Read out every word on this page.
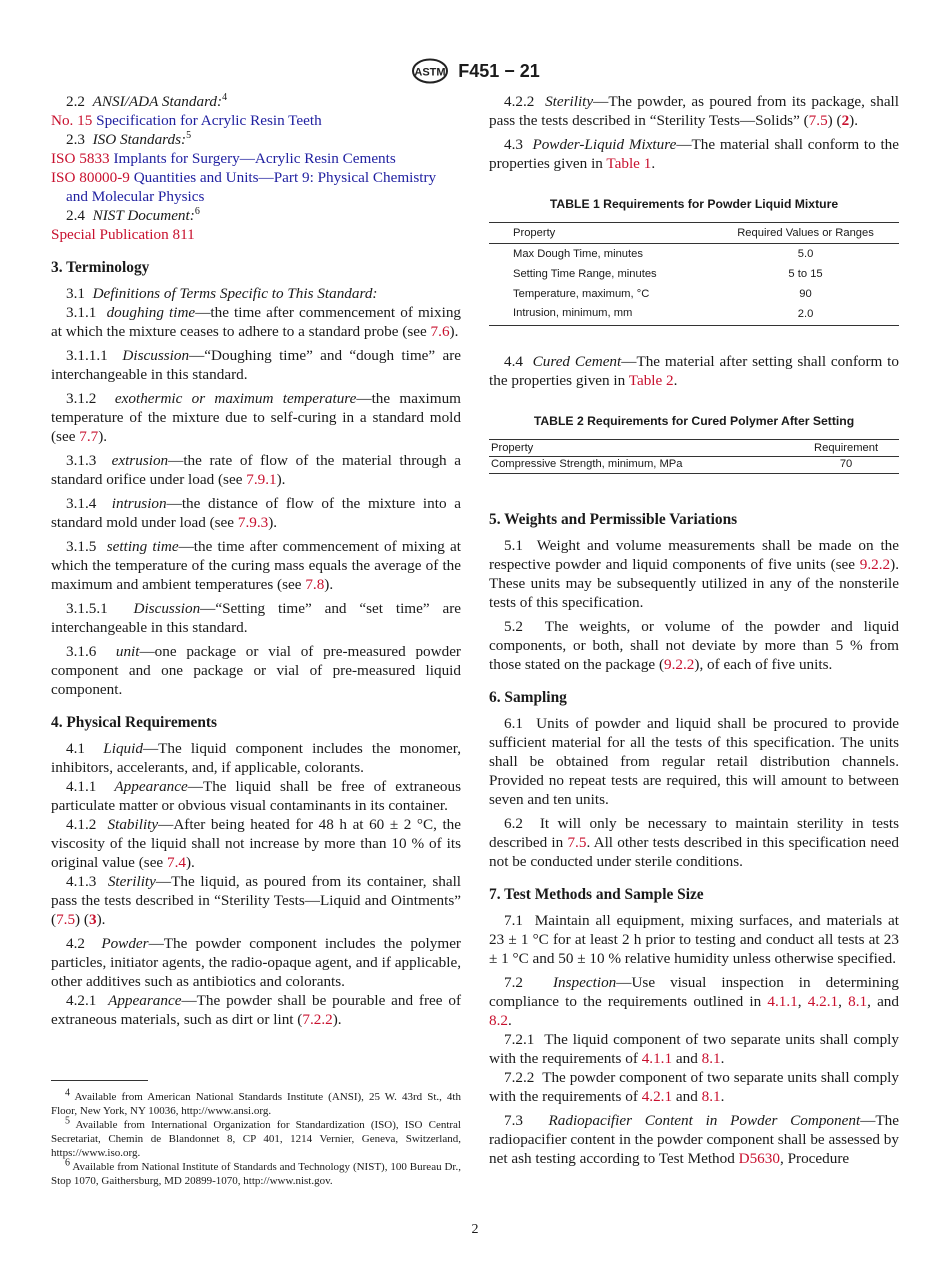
ASTM F451 − 21

2.2 ANSI/ADA Standard:$^4$

No. 15 Specification for Acrylic Resin Teeth

2.3 ISO Standards:$^5$

ISO 5833 Implants for Surgery—Acrylic Resin Cements

ISO 80000-9 Quantities and Units—Part 9: Physical Chemistry and Molecular Physics

2.4 NIST Document:$^6$

Special Publication 811

3. Terminology

3.1 Definitions of Terms Specific to This Standard:

3.1.1 doughing time—the time after commencement of mixing at which the mixture ceases to adhere to a standard probe (see 7.6).

3.1.1.1 Discussion—“Doughing time” and “dough time” are interchangeable in this standard.

3.1.2 exothermic or maximum temperature—the maximum temperature of the mixture due to self-curing in a standard mold (see 7.7).

3.1.3 extrusion—the rate of flow of the material through a standard orifice under load (see 7.9.1).

3.1.4 intrusion—the distance of flow of the mixture into a standard mold under load (see 7.9.3).

3.1.5 setting time—the time after commencement of mixing at which the temperature of the curing mass equals the average of the maximum and ambient temperatures (see 7.8).

3.1.5.1 Discussion—“Setting time” and “set time” are interchangeable in this standard.

3.1.6 unit—one package or vial of pre-measured powder component and one package or vial of pre-measured liquid component.

4. Physical Requirements

4.1 Liquid—The liquid component includes the monomer, inhibitors, accelerants, and, if applicable, colorants.

4.1.1 Appearance—The liquid shall be free of extraneous particulate matter or obvious visual contaminants in its container.

4.1.2 Stability—After being heated for 48 h at 60 ± 2 °C, the viscosity of the liquid shall not increase by more than 10 % of its original value (see 7.4).

4.1.3 Sterility—The liquid, as poured from its container, shall pass the tests described in “Sterility Tests—Liquid and Ointments” (7.5) (3).

4.2 Powder—The powder component includes the polymer particles, initiator agents, the radio-opaque agent, and if applicable, other additives such as antibiotics and colorants.

4.2.1 Appearance—The powder shall be pourable and free of extraneous materials, such as dirt or lint (7.2.2).

$^4$ Available from American National Standards Institute (ANSI), 25 W. 43rd St., 4th Floor, New York, NY 10036, http://www.ansi.org.

$^5$ Available from International Organization for Standardization (ISO), ISO Central Secretariat, Chemin de Blandonnet 8, CP 401, 1214 Vernier, Geneva, Switzerland, https://www.iso.org.

$^6$ Available from National Institute of Standards and Technology (NIST), 100 Bureau Dr., Stop 1070, Gaithersburg, MD 20899-1070, http://www.nist.gov.

4.2.2 Sterility—The powder, as poured from its package, shall pass the tests described in “Sterility Tests—Solids” (7.5) (2).

4.3 Powder-Liquid Mixture—The material shall conform to the properties given in Table 1.

TABLE 1 Requirements for Powder Liquid Mixture
Property	Required Values or Ranges
Max Dough Time, minutes	5.0
Setting Time Range, minutes	5 to 15
Temperature, maximum, °C	90
Intrusion, minimum, mm	2.0

4.4 Cured Cement—The material after setting shall conform to the properties given in Table 2.

TABLE 2 Requirements for Cured Polymer After Setting
Property	Requirement
Compressive Strength, minimum, MPa	70
5. Weights and Permissible Variations

5.1 Weight and volume measurements shall be made on the respective powder and liquid components of five units (see 9.2.2). These units may be subsequently utilized in any of the nonsterile tests of this specification.

5.2 The weights, or volume of the powder and liquid components, or both, shall not deviate by more than 5 % from those stated on the package (9.2.2), of each of five units.

6. Sampling

6.1 Units of powder and liquid shall be procured to provide sufficient material for all the tests of this specification. The units shall be obtained from regular retail distribution channels. Provided no repeat tests are required, this will amount to between seven and ten units.

6.2 It will only be necessary to maintain sterility in tests described in 7.5. All other tests described in this specification need not be conducted under sterile conditions.

7. Test Methods and Sample Size

7.1 Maintain all equipment, mixing surfaces, and materials at 23 ± 1 °C for at least 2 h prior to testing and conduct all tests at 23 ± 1 °C and 50 ± 10 % relative humidity unless otherwise specified.

7.2 Inspection—Use visual inspection in determining compliance to the requirements outlined in 4.1.1, 4.2.1, 8.1, and 8.2.

7.2.1 The liquid component of two separate units shall comply with the requirements of 4.1.1 and 8.1.

7.2.2 The powder component of two separate units shall comply with the requirements of 4.2.1 and 8.1.

7.3 Radiopacifier Content in Powder Component—The radiopacifier content in the powder component shall be assessed by net ash testing according to Test Method D5630, Procedure

2
